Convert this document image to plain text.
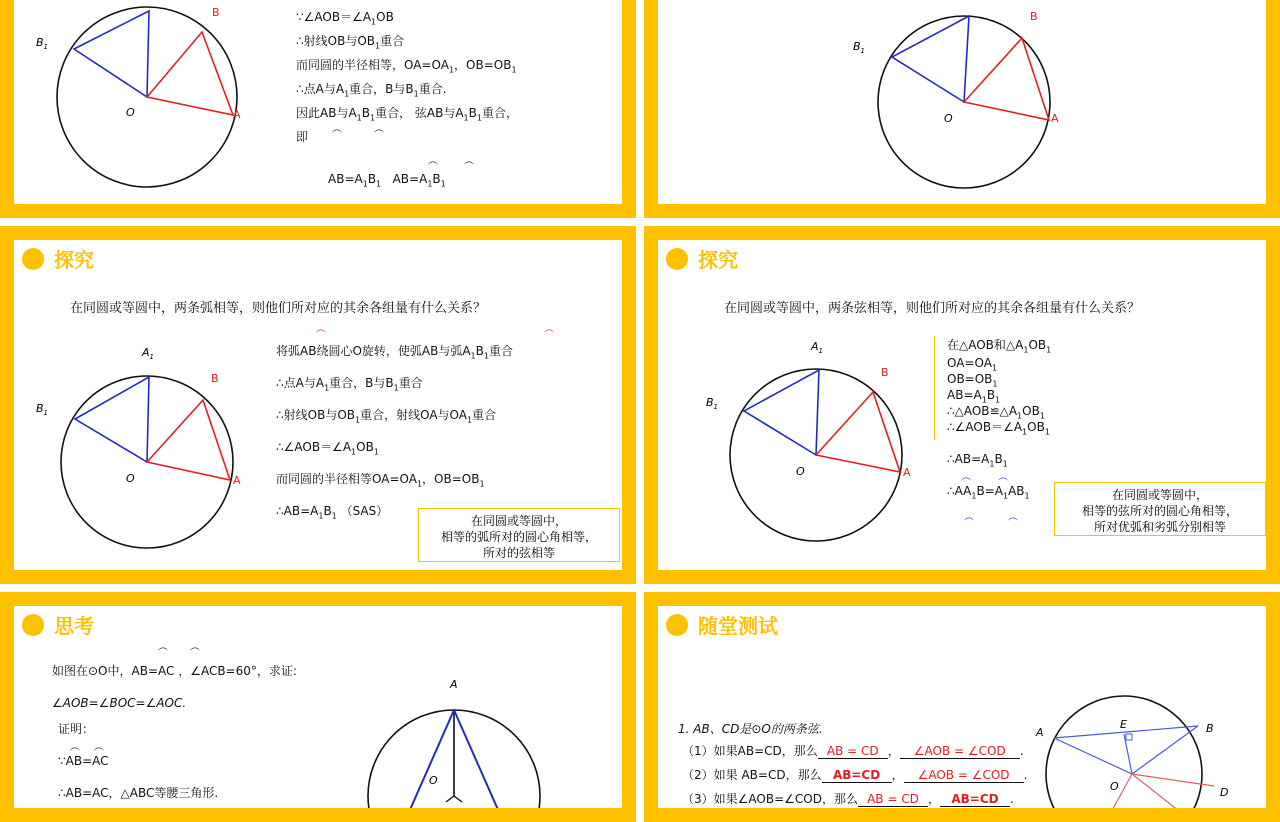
$B_1$
B
A
O
$\because\angle AOB=\angle A_1OB$
∴射线OB与$OB_1$重合
而同圆的半径相等，$OA=OA_1$，$OB=OB_1$
∴点A与$A_1$重合，B与$B_1$重合.
因此AB与$A_1B_1$重合， 弦AB与$A_1B_1$重合，
即
︵	︵
︵	︵
$AB=A_1B_1$ $AB=A_1B_1$
$B_1$
B
A
O
探究
在同圆或等圆中，两条弧相等，则他们所对应的其余各组量有什么关系？
︵	︵
$A_1$
$B_1$
B
A
O
将弧AB绕圆心O旋转，使弧AB与弧$A_1B_1$重合
∴点A与$A_1$重合，B与$B_1$重合
∴射线OB与$OB_1$重合，射线OA与$OA_1$重合
$\therefore\angle AOB=\angle A_1OB_1$
而同圆的半径相等$OA=OA_1$，$OB=OB_1$
$\therefore AB=A_1B_1$ （SAS）
在同圆或等圆中，
相等的弧所对的圆心角相等，
所对的弦相等
探究
在同圆或等圆中，两条弦相等，则他们所对应的其余各组量有什么关系？
$A_1$
$B_1$
B
A
O
在△AOB和$\triangle A_1OB_1$
$OA=OA_1$
$OB=OB_1$
$AB=A_1B_1$
$\therefore\triangle AOB≌\triangle A_1OB_1$
$\therefore\angle AOB=\angle A_1OB_1$
$\therefore AB=A_1B_1$
︵	︵
$\therefore AA_1B=A_1AB_1$
︵	︵
在同圆或等圆中，
相等的弦所对的圆心角相等，
所对优弧和劣弧分别相等
思考
︵ ︵
如图在⊙O中，AB=AC ，∠ACB=60°，求证:
∠AOB=∠BOC=∠AOC.
证明：
︵ ︵
∵AB=AC
∴AB=AC，△ABC等腰三角形.
A
O
随堂测试
1. AB、CD是⊙O的两条弦.
（1）如果AB=CD，那么 AB = CD ， ∠AOB = ∠COD .
（2）如果 AB=CD，那么 AB=CD ， ∠AOB = ∠COD .
（3）如果∠AOB=∠COD，那么 AB = CD ， AB=CD .
A	B
E
D
O
